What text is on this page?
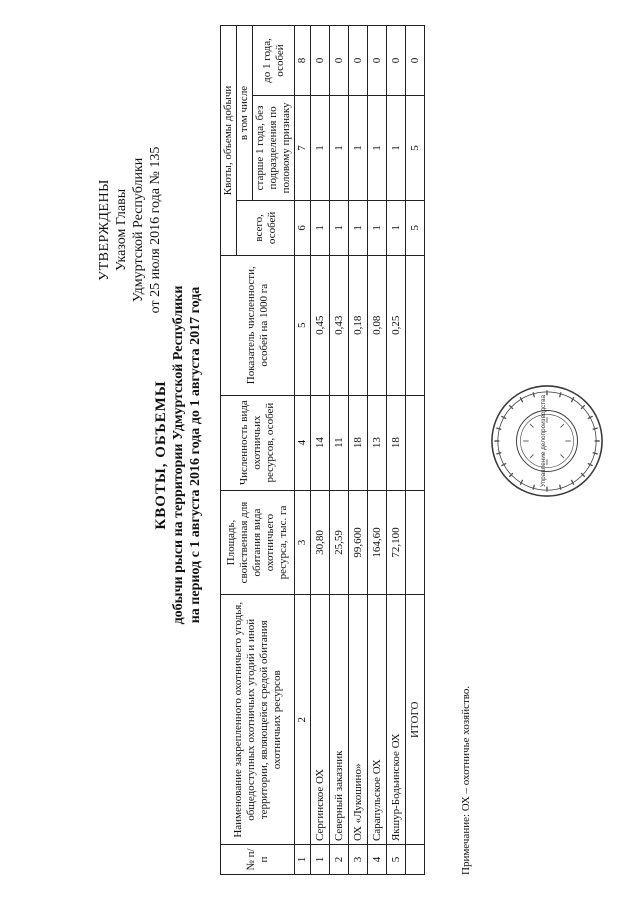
УТВЕРЖДЕНЫ Указом Главы Удмуртской Республики от 25 июля 2016 года № 135
КВОТЫ, ОБЪЕМЫ добычи рыси на территории Удмуртской Республики на период с 1 августа 2016 года до 1 августа 2017 года
№ п/п	Наименование закрепленного охотничьего угодья, общедоступных охотничьих угодий и иной территории, являющейся средой обитания охотничьих ресурсов	Площадь, свойственная для обитания вида охотничьего ресурса, тыс. га	Численность вида охотничьих ресурсов, особей	Показатель численности, особей на 1000 га	Квоты, объемы добычи		
					всего, особей	в том числе	
						старше 1 года, без подразделения по половому признаку	до 1 года, особей
1	2	3	4	5	6	7	8
1	Сергинское ОХ	30,80	14	0,45	1	1	0
2	Северный заказник	25,59	11	0,43	1	1	0
3	ОХ «Лукошино»	99,600	18	0,18	1	1	0
4	Сарапульское ОХ	164,60	13	0,08	1	1	0
5	Якшур-Бодьинское ОХ	72,100	18	0,25	1	1	0
	ИТОГО				5	5	0
Примечание: ОХ – охотничье хозяйство.
Управление делопроизводства
